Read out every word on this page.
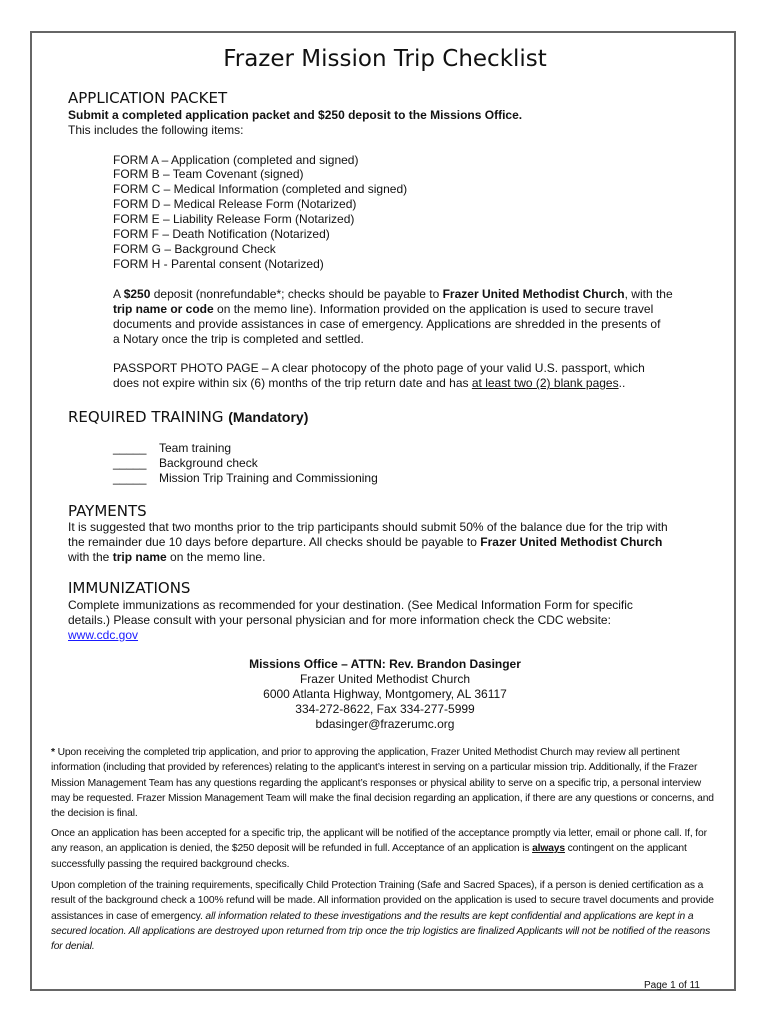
Frazer Mission Trip Checklist
APPLICATION PACKET
Submit a completed application packet and $250 deposit to the Missions Office.
This includes the following items:
FORM A – Application (completed and signed)
FORM B – Team Covenant (signed)
FORM C – Medical Information (completed and signed)
FORM D – Medical Release Form (Notarized)
FORM E – Liability Release Form (Notarized)
FORM F – Death Notification (Notarized)
FORM G – Background Check
FORM H - Parental consent (Notarized)
A $250 deposit (nonrefundable*; checks should be payable to Frazer United Methodist Church, with the
trip name or code on the memo line). Information provided on the application is used to secure travel
documents and provide assistances in case of emergency. Applications are shredded in the presents of
a Notary once the trip is completed and settled.
PASSPORT PHOTO PAGE – A clear photocopy of the photo page of your valid U.S. passport, which
does not expire within six (6) months of the trip return date and has at least two (2) blank pages..
REQUIRED TRAINING (Mandatory)
_____ Team training
_____ Background check
_____ Mission Trip Training and Commissioning
PAYMENTS
It is suggested that two months prior to the trip participants should submit 50% of the balance due for the trip with
the remainder due 10 days before departure. All checks should be payable to Frazer United Methodist Church
with the trip name on the memo line.
IMMUNIZATIONS
Complete immunizations as recommended for your destination. (See Medical Information Form for specific
details.) Please consult with your personal physician and for more information check the CDC website:
www.cdc.gov
Missions Office – ATTN: Rev. Brandon Dasinger
Frazer United Methodist Church
6000 Atlanta Highway, Montgomery, AL 36117
334-272-8622, Fax 334-277-5999
bdasinger@frazerumc.org
* Upon receiving the completed trip application, and prior to approving the application, Frazer United Methodist Church may review all pertinent information (including that provided by references) relating to the applicant’s interest in serving on a particular mission trip. Additionally, if the Frazer Mission Management Team has any questions regarding the applicant’s responses or physical ability to serve on a specific trip, a personal interview may be requested. Frazer Mission Management Team will make the final decision regarding an application, if there are any questions or concerns, and the decision is final.
Once an application has been accepted for a specific trip, the applicant will be notified of the acceptance promptly via letter, email or phone call. If, for any reason, an application is denied, the $250 deposit will be refunded in full. Acceptance of an application is always contingent on the applicant successfully passing the required background checks.
Upon completion of the training requirements, specifically Child Protection Training (Safe and Sacred Spaces), if a person is denied certification as a result of the background check a 100% refund will be made. All information provided on the application is used to secure travel documents and provide assistances in case of emergency. all information related to these investigations and the results are kept confidential and applications are kept in a secured location. All applications are destroyed upon returned from trip once the trip logistics are finalized Applicants will not be notified of the reasons for denial.
Page 1 of 11
